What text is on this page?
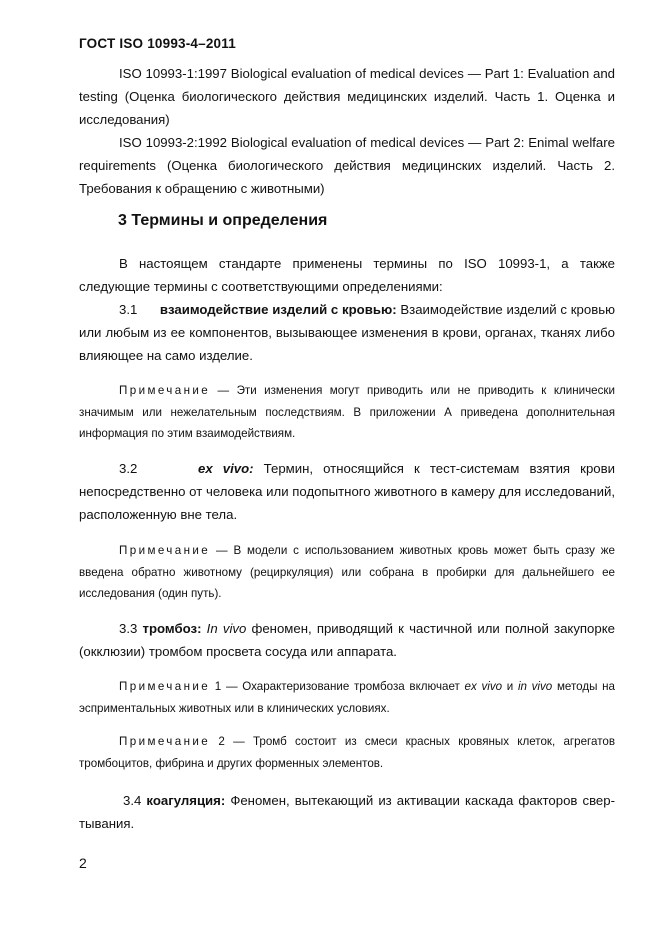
ГОСТ ISO 10993-4–2011
ISO 10993-1:1997 Biological evaluation of medical devices — Part 1: Evaluation and testing (Оценка биологического действия медицинских изделий. Часть 1. Оценка и исследования)
ISO 10993-2:1992 Biological evaluation of medical devices — Part 2: Enimal welfare requirements (Оценка биологического действия медицинских изделий. Часть 2. Требования к обращению с животными)
3 Термины и определения
В настоящем стандарте применены термины по ISO 10993-1, а также следующие термины с соответствующими определениями:
3.1 взаимодействие изделий с кровью: Взаимодействие изделий с кровью или любым из ее компонентов, вызывающее изменения в крови, органах, тканях либо влияющее на само изделие.
Примечание — Эти изменения могут приводить или не приводить к клинически значимым или нежелательным последствиям. В приложении А приведена дополнительная информация по этим взаимодействиям.
3.2	ex vivo: Термин, относящийся к тест-системам взятия крови непосредственно от человека или подопытного животного в камеру для исследований, расположенную вне тела.
Примечание — В модели с использованием животных кровь может быть сразу же введена обратно животному (рециркуляция) или собрана в пробирки для дальнейшего ее исследования (один путь).
3.3 тромбоз: In vivo феномен, приводящий к частичной или полной закупорке (окклюзии) тромбом просвета сосуда или аппарата.
Примечание 1 — Охарактеризование тромбоза включает ex vivo и in vivo методы на эсприментальных животных или в клинических условиях.
Примечание 2 — Тромб состоит из смеси красных кровяных клеток, агрегатов тромбоцитов, фибрина и других форменных элементов.
3.4 коагуляция: Феномен, вытекающий из активации каскада факторов свер-тывания.
2
